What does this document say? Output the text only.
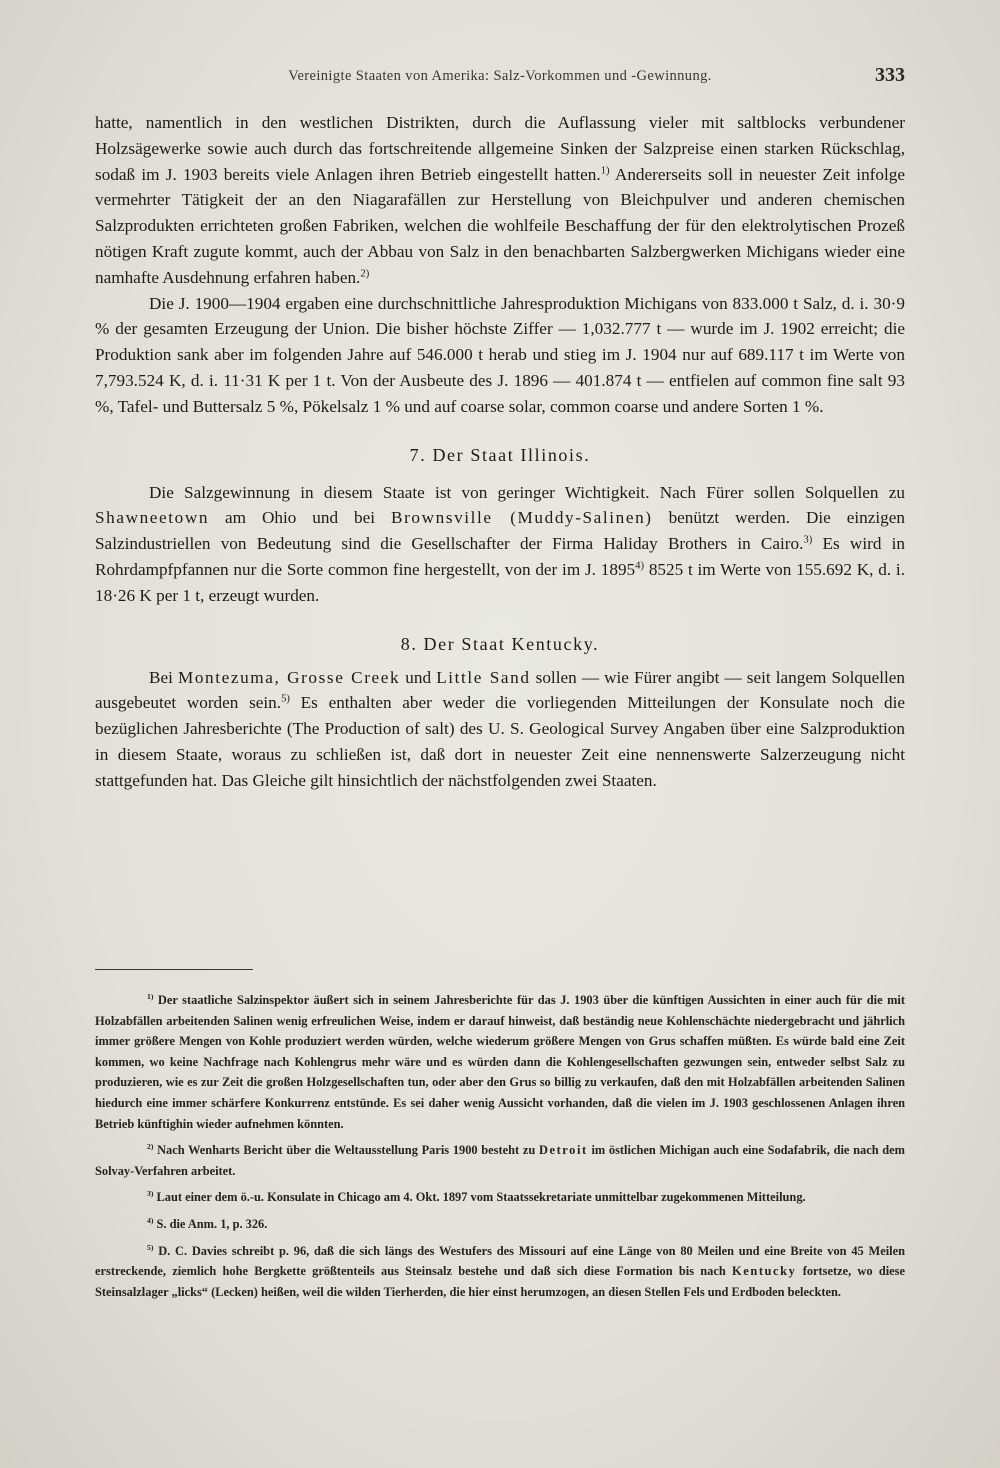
Vereinigte Staaten von Amerika: Salz-Vorkommen und -Gewinnung.	333

hatte, namentlich in den westlichen Distrikten, durch die Auflassung vieler mit saltblocks verbundener Holzsägewerke sowie auch durch das fortschreitende allgemeine Sinken der Salzpreise einen starken Rückschlag, sodaß im J. 1903 bereits viele Anlagen ihren Betrieb eingestellt hatten.$^{1)}$ Andererseits soll in neuester Zeit infolge vermehrter Tätigkeit der an den Niagarafällen zur Herstellung von Bleichpulver und anderen chemischen Salzprodukten errichteten großen Fabriken, welchen die wohlfeile Beschaffung der für den elektrolytischen Prozeß nötigen Kraft zugute kommt, auch der Abbau von Salz in den benachbarten Salzbergwerken Michigans wieder eine namhafte Ausdehnung erfahren haben.$^{2)}$

Die J. 1900—1904 ergaben eine durchschnittliche Jahresproduktion Michigans von 833.000 t Salz, d. i. 30·9 % der gesamten Erzeugung der Union. Die bisher höchste Ziffer — 1,032.777 t — wurde im J. 1902 erreicht; die Produktion sank aber im folgenden Jahre auf 546.000 t herab und stieg im J. 1904 nur auf 689.117 t im Werte von 7,793.524 K, d. i. 11·31 K per 1 t. Von der Ausbeute des J. 1896 — 401.874 t — entfielen auf common fine salt 93 %, Tafel- und Buttersalz 5 %, Pökelsalz 1 % und auf coarse solar, common coarse und andere Sorten 1 %.

7. Der Staat Illinois.

Die Salzgewinnung in diesem Staate ist von geringer Wichtigkeit. Nach Fürer sollen Solquellen zu Shawneetown am Ohio und bei Brownsville (Muddy-Salinen) benützt werden. Die einzigen Salzindustriellen von Bedeutung sind die Gesellschafter der Firma Haliday Brothers in Cairo.$^{3)}$ Es wird in Rohrdampfpfannen nur die Sorte common fine hergestellt, von der im J. 1895$^{4)}$ 8525 t im Werte von 155.692 K, d. i. 18·26 K per 1 t, erzeugt wurden.

8. Der Staat Kentucky.

Bei Montezuma, Grosse Creek und Little Sand sollen — wie Fürer angibt — seit langem Solquellen ausgebeutet worden sein.$^{5)}$ Es enthalten aber weder die vorliegenden Mitteilungen der Konsulate noch die bezüglichen Jahresberichte (The Production of salt) des U. S. Geological Survey Angaben über eine Salzproduktion in diesem Staate, woraus zu schließen ist, daß dort in neuester Zeit eine nennenswerte Salzerzeugung nicht stattgefunden hat. Das Gleiche gilt hinsichtlich der nächstfolgenden zwei Staaten.

$^{1)}$ Der staatliche Salzinspektor äußert sich in seinem Jahresberichte für das J. 1903 über die künftigen Aussichten in einer auch für die mit Holzabfällen arbeitenden Salinen wenig erfreulichen Weise, indem er darauf hinweist, daß beständig neue Kohlenschächte niedergebracht und jährlich immer größere Mengen von Kohle produziert werden würden, welche wiederum größere Mengen von Grus schaffen müßten. Es würde bald eine Zeit kommen, wo keine Nachfrage nach Kohlengrus mehr wäre und es würden dann die Kohlengesellschaften gezwungen sein, entweder selbst Salz zu produzieren, wie es zur Zeit die großen Holzgesellschaften tun, oder aber den Grus so billig zu verkaufen, daß den mit Holzabfällen arbeitenden Salinen hiedurch eine immer schärfere Konkurrenz entstünde. Es sei daher wenig Aussicht vorhanden, daß die vielen im J. 1903 geschlossenen Anlagen ihren Betrieb künftighin wieder aufnehmen könnten.

$^{2)}$ Nach Wenharts Bericht über die Weltausstellung Paris 1900 besteht zu Detroit im östlichen Michigan auch eine Sodafabrik, die nach dem Solvay-Verfahren arbeitet.

$^{3)}$ Laut einer dem ö.-u. Konsulate in Chicago am 4. Okt. 1897 vom Staatssekretariate unmittelbar zugekommenen Mitteilung.

$^{4)}$ S. die Anm. 1, p. 326.

$^{5)}$ D. C. Davies schreibt p. 96, daß die sich längs des Westufers des Missouri auf eine Länge von 80 Meilen und eine Breite von 45 Meilen erstreckende, ziemlich hohe Bergkette größtenteils aus Steinsalz bestehe und daß sich diese Formation bis nach Kentucky fortsetze, wo diese Steinsalzlager „licks“ (Lecken) heißen, weil die wilden Tierherden, die hier einst herumzogen, an diesen Stellen Fels und Erdboden beleckten.
